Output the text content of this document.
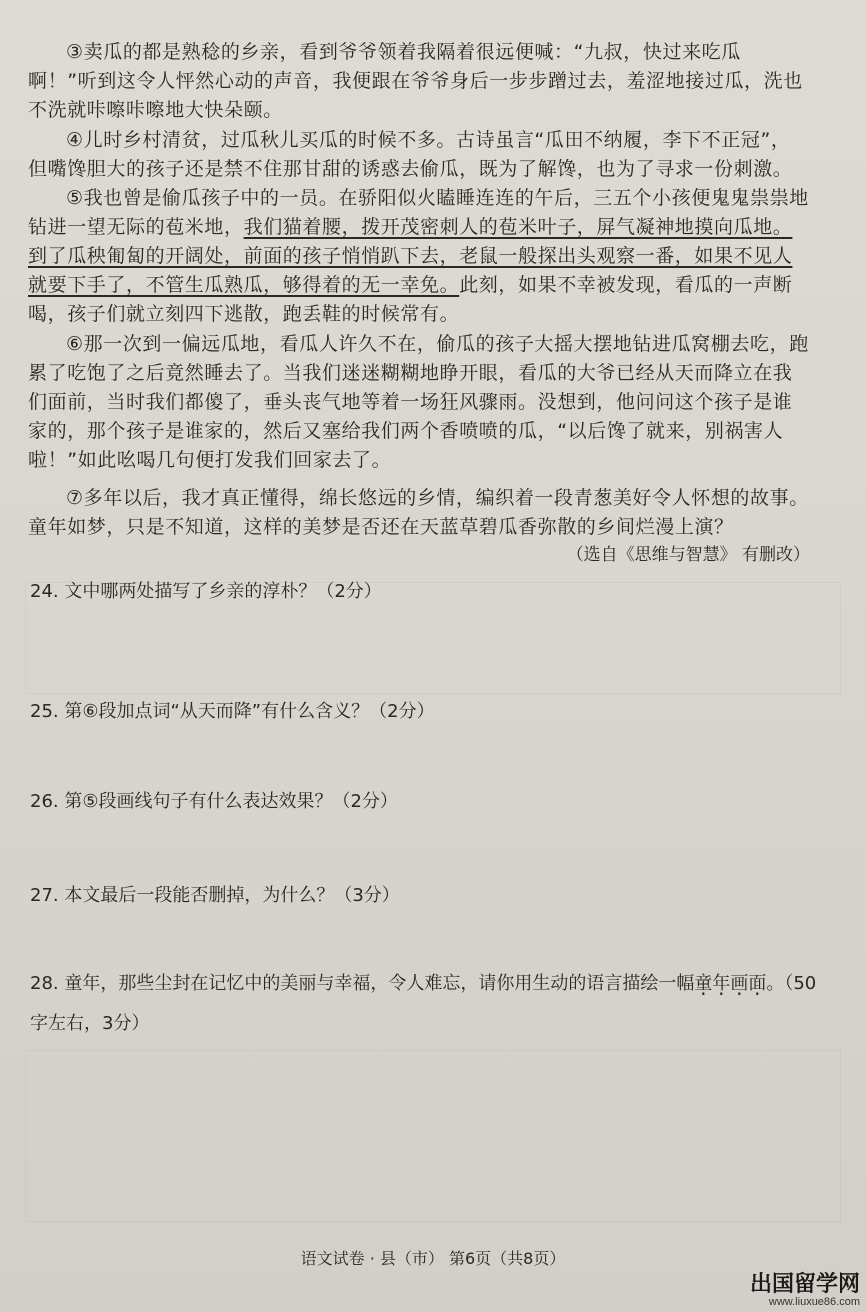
③卖瓜的都是熟稔的乡亲，看到爷爷领着我隔着很远便喊：“九叔，快过来吃瓜啊！”听到这令人怦然心动的声音，我便跟在爷爷身后一步步蹭过去，羞涩地接过瓜，洗也不洗就咔嚓咔嚓地大快朵颐。

④儿时乡村清贫，过瓜秋儿买瓜的时候不多。古诗虽言“瓜田不纳履，李下不正冠”，但嘴馋胆大的孩子还是禁不住那甘甜的诱惑去偷瓜，既为了解馋，也为了寻求一份刺激。

⑤我也曾是偷瓜孩子中的一员。在骄阳似火瞌睡连连的午后，三五个小孩便鬼鬼祟祟地钻进一望无际的苞米地，我们猫着腰，拨开茂密刺人的苞米叶子，屏气凝神地摸向瓜地。到了瓜秧匍匐的开阔处，前面的孩子悄悄趴下去，老鼠一般探出头观察一番，如果不见人就要下手了，不管生瓜熟瓜，够得着的无一幸免。此刻，如果不幸被发现，看瓜的一声断喝，孩子们就立刻四下逃散，跑丢鞋的时候常有。

⑥那一次到一偏远瓜地，看瓜人许久不在，偷瓜的孩子大摇大摆地钻进瓜窝棚去吃，跑累了吃饱了之后竟然睡去了。当我们迷迷糊糊地睁开眼，看瓜的大爷已经从天而降立在我们面前，当时我们都傻了，垂头丧气地等着一场狂风骤雨。没想到，他问问这个孩子是谁家的，那个孩子是谁家的，然后又塞给我们两个香喷喷的瓜，“以后馋了就来，别祸害人啦！”如此吆喝几句便打发我们回家去了。

⑦多年以后，我才真正懂得，绵长悠远的乡情，编织着一段青葱美好令人怀想的故事。童年如梦，只是不知道，这样的美梦是否还在天蓝草碧瓜香弥散的乡间烂漫上演？

（选自《思维与智慧》 有删改）
24. 文中哪两处描写了乡亲的淳朴？（2分）
25. 第⑥段加点词“从天而降”有什么含义？（2分）
26. 第⑤段画线句子有什么表达效果？（2分）
27. 本文最后一段能否删掉，为什么？（3分）
28. 童年，那些尘封在记忆中的美丽与幸福，令人难忘，请你用生动的语言描绘一幅童年画面。（50字左右，3分）
语文试卷 · 县（市） 第6页（共8页）
出国留学网
www.liuxue86.com
